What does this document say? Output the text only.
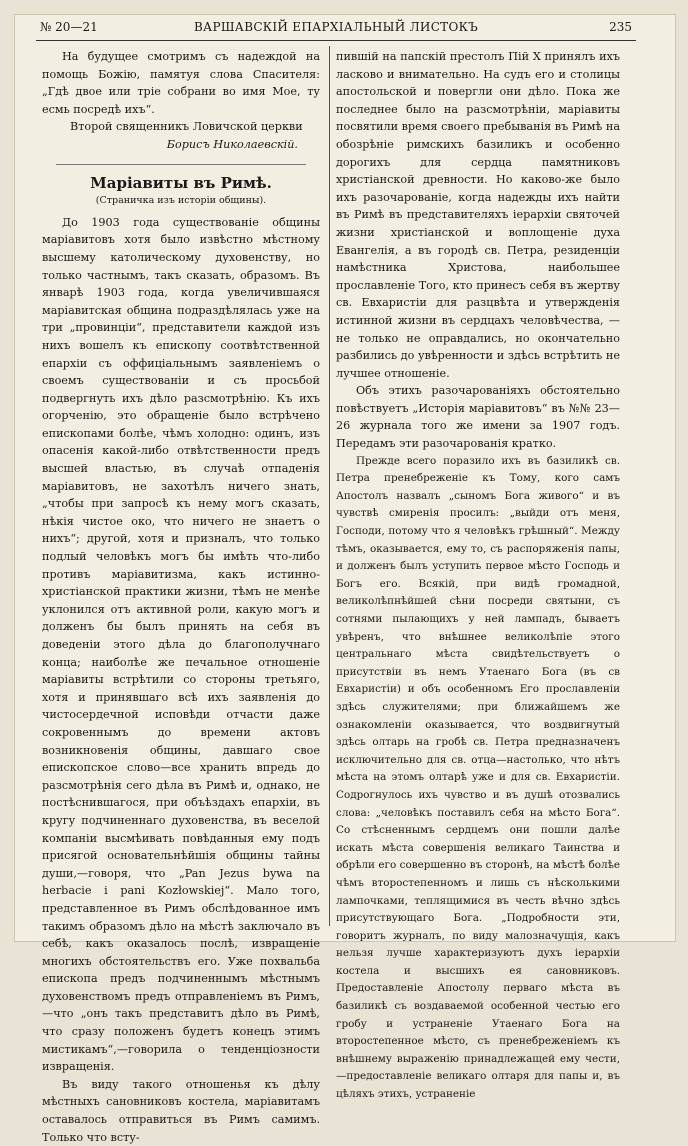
№ 20—21	ВАРШАВСКІЙ ЕПАРХІАЛЬНЫЙ ЛИСТОКЪ	235

На будущее смотримъ съ надеждой на помощь Божію, памятуя слова Спасителя: „Гдѣ двое или тріе собрани во имя Мое, ту есмь посредѣ ихъ“.

Второй священникъ Ловичской церкви

Борисъ Николаевскій.

Маріавиты въ Римѣ.

(Страничка изъ исторіи общины).

До 1903 года существованіе общины маріавитовъ хотя было извѣстно мѣстному высшему католическому духовенству, но только частнымъ, такъ сказать, образомъ. Въ январѣ 1903 года, когда увеличившаяся маріавитская община подраздѣлялась уже на три „провинціи“, представители каждой изъ нихъ вошелъ къ епископу соотвѣтственной епархіи съ оффиціальнымъ заявленіемъ о своемъ существованіи и съ просьбой подвергнуть ихъ дѣло разсмотрѣнію. Къ ихъ огорченію, это обращеніе было встрѣчено епископами болѣе, чѣмъ холодно: одинъ, изъ опасенія какой-либо отвѣтственности предъ высшей властью, въ случаѣ отпаденія маріавитовъ, не захотѣлъ ничего знать, „чтобы при запросѣ къ нему могъ сказать, нѣкія чистое око, что ничего не знаетъ о нихъ“; другой, хотя и призналъ, что только подлый человѣкъ могъ бы имѣть что-либо противъ маріавитизма, какъ истинно-христіанской практики жизни, тѣмъ не менѣе уклонился отъ активной роли, какую могъ и долженъ бы былъ принять на себя въ доведеніи этого дѣла до благополучнаго конца; наиболѣе же печальное отношеніе маріавиты встрѣтили со стороны третьяго, хотя и принявшаго всѣ ихъ заявленія до чистосердечной исповѣди отчасти даже сокровеннымъ до времени актовъ возникновенія общины, давшаго свое епископское слово—все хранить впредь до разсмотрѣнія сего дѣла въ Римѣ и, однако, не постѣснившагося, при объѣздахъ епархіи, въ кругу подчиненнаго духовенства, въ веселой компаніи высмѣивать повѣданныя ему подъ присягой основательнѣйшія общины тайны души,—говоря, что „Pan Jezus bywa na herbacie i pani Kozłowskiej“. Мало того, представленное въ Римъ обслѣдованное имъ такимъ образомъ дѣло на мѣстѣ заключало въ себѣ, какъ оказалось послѣ, извращеніе многихъ обстоятельствъ его. Уже похвальба епископа предъ подчиненнымъ мѣстнымъ духовенствомъ предъ отправленіемъ въ Римъ,—что „онъ такъ представитъ дѣло въ Римѣ, что сразу положенъ будетъ конецъ этимъ мистикамъ“,—говорила о тенденціозности извращенія.

Въ виду такого отношенья къ дѣлу мѣстныхъ сановниковъ костела, маріавитамъ оставалось отправиться въ Римъ самимъ. Только что всту-

пившій на папскій престолъ Пій X принялъ ихъ ласково и внимательно. На судъ его и столицы апостольской и повергли они дѣло. Пока же последнее было на разсмотрѣніи, маріавиты посвятили время своего пребыванія въ Римѣ на обозрѣніе римскихъ базиликъ и особенно дорогихъ для сердца памятниковъ христіанской древности. Но каково-же было ихъ разочарованіе, когда надежды ихъ найти въ Римѣ въ представителяхъ іерархіи святочей жизни христіанской и воплощеніе духа Евангелія, а въ городѣ св. Петра, резиденціи намѣстника Христова, наибольшее прославленіе Того, кто принесъ себя въ жертву св. Евхаристіи для разцвѣта и утвержденія истинной жизни въ сердцахъ человѣчества, — не только не оправдались, но окончательно разбились до увѣренности и здѣсь встрѣтить не лучшее отношеніе.

Объ этихъ разочарованіяхъ обстоятельно повѣствуетъ „Исторія маріавитовъ“ въ №№ 23—26 журнала того же имени за 1907 годъ. Передамъ эти разочарованія кратко.

Прежде всего поразило ихъ въ базиликѣ св. Петра пренебреженіе къ Тому, кого самъ Апостолъ назвалъ „сыномъ Бога живого“ и въ чувствѣ смиренія просилъ: „выйди отъ меня, Господи, потому что я человѣкъ грѣшный“. Между тѣмъ, оказывается, ему то, съ распоряженія папы, и долженъ былъ уступить первое мѣсто Господь и Богъ его. Всякій, при видѣ громадной, великолѣпнѣйшей сѣни посреди святыни, съ сотнями пылающихъ у ней лампадъ, бываетъ увѣренъ, что внѣшнее великолѣпіе этого центральнаго мѣста свидѣтельствуетъ о присутствіи въ немъ Утаенаго Бога (въ св Евхаристіи) и объ особенномъ Его прославленіи здѣсь служителями; при ближайшемъ же ознакомленіи оказывается, что воздвигнутый здѣсь олтарь на гробѣ св. Петра предназначенъ исключительно для св. отца—настолько, что нѣтъ мѣста на этомъ олтарѣ уже и для св. Евхаристіи. Содрогнулось ихъ чувство и въ душѣ отозвались слова: „человѣкъ поставилъ себя на мѣсто Бога“. Со стѣсненнымъ сердцемъ они пошли далѣе искать мѣста совершенія великаго Таинства и обрѣли его совершенно въ сторонѣ, на мѣстѣ болѣе чѣмъ второстепенномъ и лишь съ нѣсколькими лампочками, теплящимися въ честь вѣчно здѣсь присутствующаго Бога. „Подробности эти, говоритъ журналъ, по виду малозначущія, какъ нельзя лучше характеризуютъ духъ іерархіи костела и высшихъ ея сановниковъ. Предоставленіе Апостолу перваго мѣста въ базиликѣ съ воздаваемой особенной честью его гробу и устраненіе Утаенаго Бога на второстепенное мѣсто, съ пренебреженіемъ къ внѣшнему выраженію принадлежащей ему чести,—предоставленіе великаго олтаря для папы и, въ цѣляхъ этихъ, устраненіе
